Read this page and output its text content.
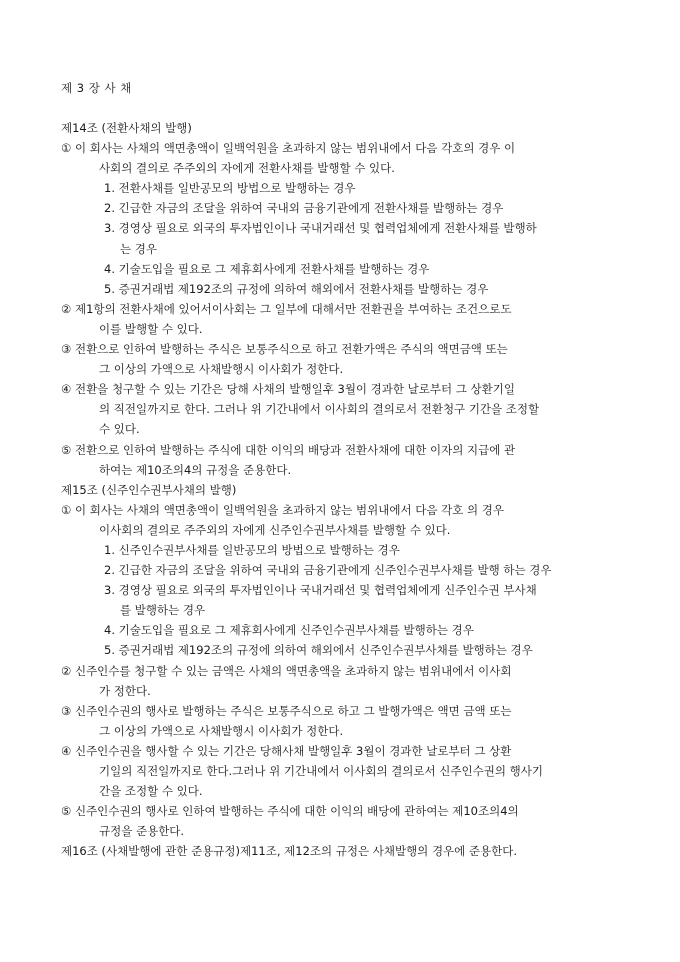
제 3 장 사 채
제14조 (전환사채의 발행)
① 이 회사는 사채의 액면총액이 일백억원을 초과하지 않는 범위내에서 다음 각호의 경우 이
사회의 결의로 주주외의 자에게 전환사채를 발행할 수 있다.
1. 전환사채를 일반공모의 방법으로 발행하는 경우
2. 긴급한 자금의 조달을 위하여 국내외 금융기관에게 전환사채를 발행하는 경우
3. 경영상 필요로 외국의 투자법인이나 국내거래선 및 협력업체에게 전환사채를 발행하
는 경우
4. 기술도입을 필요로 그 제휴회사에게 전환사채를 발행하는 경우
5. 증권거래법 제192조의 규정에 의하여 해외에서 전환사채를 발행하는 경우
② 제1항의 전환사채에 있어서이사회는 그 일부에 대해서만 전환권을 부여하는 조건으로도
이를 발행할 수 있다.
③ 전환으로 인하여 발행하는 주식은 보통주식으로 하고 전환가액은 주식의 액면금액 또는
그 이상의 가액으로 사채발행시 이사회가 정한다.
④ 전환을 청구할 수 있는 기간은 당해 사채의 발행일후 3월이 경과한 날로부터 그 상환기일
의 직전일까지로 한다. 그러나 위 기간내에서 이사회의 결의로서 전환청구 기간을 조정할
수 있다.
⑤ 전환으로 인하여 발행하는 주식에 대한 이익의 배당과 전환사채에 대한 이자의 지급에 관
하여는 제10조의4의 규정을 준용한다.
제15조 (신주인수권부사채의 발행)
① 이 회사는 사채의 액면총액이 일백억원을 초과하지 않는 범위내에서 다음 각호 의 경우
이사회의 결의로 주주외의 자에게 신주인수권부사채를 발행할 수 있다.
1. 신주인수권부사채를 일반공모의 방법으로 발행하는 경우
2. 긴급한 자금의 조달을 위하여 국내외 금융기관에게 신주인수권부사채를 발행 하는 경우
3. 경영상 필요로 외국의 투자법인이나 국내거래선 및 협력업체에게 신주인수권 부사채
를 발행하는 경우
4. 기술도입을 필요로 그 제휴회사에게 신주인수권부사채를 발행하는 경우
5. 증권거래법 제192조의 규정에 의하여 해외에서 신주인수권부사채를 발행하는 경우
② 신주인수를 청구할 수 있는 금액은 사채의 액면총액을 초과하지 않는 범위내에서 이사회
가 정한다.
③ 신주인수권의 행사로 발행하는 주식은 보통주식으로 하고 그 발행가액은 액면 금액 또는
그 이상의 가액으로 사채발행시 이사회가 정한다.
④ 신주인수권을 행사할 수 있는 기간은 당해사채 발행일후 3월이 경과한 날로부터 그 상환
기일의 직전일까지로 한다.그러나 위 기간내에서 이사회의 결의로서 신주인수권의 행사기
간을 조정할 수 있다.
⑤ 신주인수권의 행사로 인하여 발행하는 주식에 대한 이익의 배당에 관하여는 제10조의4의
규정을 준용한다.
제16조 (사채발행에 관한 준용규정)제11조, 제12조의 규정은 사채발행의 경우에 준용한다.
